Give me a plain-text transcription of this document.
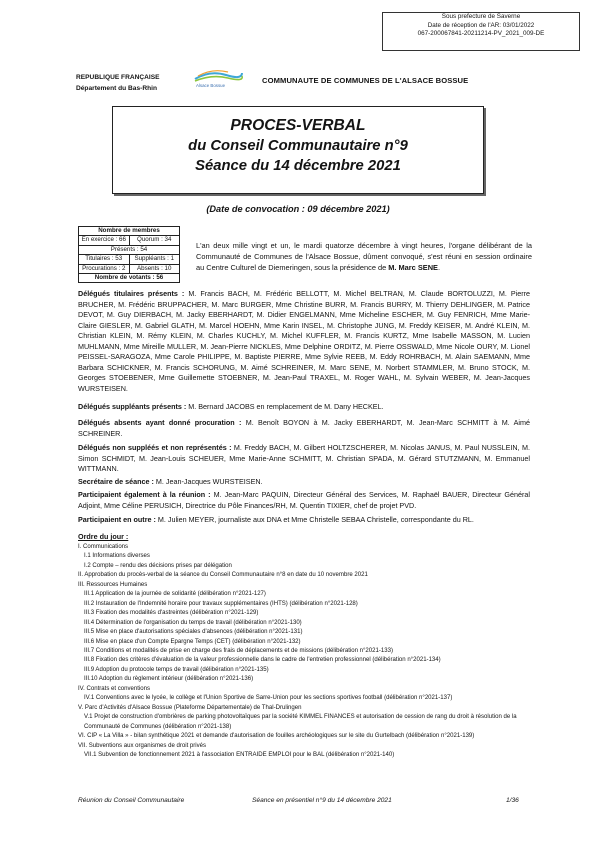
Sous prefecture de Saverne
Date de réception de l'AR: 03/01/2022
067-200067841-20211214-PV_2021_009-DE
REPUBLIQUE FRANÇAISE
Département du Bas-Rhin	Alsace Bossue
COMMUNAUTE DE COMMUNES DE L'ALSACE BOSSUE
PROCES-VERBAL
du Conseil Communautaire n°9
Séance du 14 décembre 2021
(Date de convocation : 09 décembre 2021)
Nombre de membres
En exercice : 66	Quorum : 34
Présents : 54
Titulaires : 53	Suppléants : 1
Procurations : 2	Absents : 10
Nombre de votants : 56
L'an deux mille vingt et un, le mardi quatorze décembre à vingt heures, l'organe délibérant de la Communauté de Communes de l'Alsace Bossue, dûment convoqué, s'est réuni en session ordinaire au Centre Culturel de Diemeringen, sous la présidence de M. Marc SENE.
Délégués titulaires présents : M. Francis BACH, M. Frédéric BELLOTT, M. Michel BELTRAN, M. Claude BORTOLUZZI, M. Pierre BRUCHER, M. Frédéric BRUPPACHER, M. Marc BURGER, Mme Christine BURR, M. Francis BURRY, M. Thierry DEHLINGER, M. Patrice DEVOT, M. Guy DIERBACH, M. Jacky EBERHARDT, M. Didier ENGELMANN, Mme Micheline ESCHER, M. Guy FENRICH, Mme Marie-Claire GIESLER, M. Gabriel GLATH, M. Marcel HOEHN, Mme Karin INSEL, M. Christophe JUNG, M. Freddy KEISER, M. André KLEIN, M. Christian KLEIN, M. Rémy KLEIN, M. Charles KUCHLY, M. Michel KUFFLER, M. Francis KURTZ, Mme Isabelle MASSON, M. Lucien MUHLMANN, Mme Mireille MULLER, M. Jean-Pierre NICKLES, Mme Delphine ORDITZ, M. Pierre OSSWALD, Mme Nicole OURY, M. Lionel PEISSEL-SARAGOZA, Mme Carole PHILIPPE, M. Baptiste PIERRE, Mme Sylvie REEB, M. Eddy ROHRBACH, M. Alain SAEMANN, Mme Barbara SCHICKNER, M. Francis SCHORUNG, M. Aimé SCHREINER, M. Marc SENE, M. Norbert STAMMLER, M. Bruno STOCK, M. Georges STOEBENER, Mme Guillemette STOEBNER, M. Jean-Paul TRAXEL, M. Roger WAHL, M. Sylvain WEBER, M. Jean-Jacques WURSTEISEN.
Délégués suppléants présents : M. Bernard JACOBS en remplacement de M. Dany HECKEL.
Délégués absents ayant donné procuration : M. Benoît BOYON à M. Jacky EBERHARDT, M. Jean-Marc SCHMITT à M. Aimé SCHREINER.
Délégués non suppléés et non représentés : M. Freddy BACH, M. Gilbert HOLTZSCHERER, M. Nicolas JANUS, M. Paul NUSSLEIN, M. Simon SCHMIDT, M. Jean-Louis SCHEUER, Mme Marie-Anne SCHMITT, M. Christian SPADA, M. Gérard STUTZMANN, M. Emmanuel WITTMANN.
Secrétaire de séance : M. Jean-Jacques WURSTEISEN.
Participaient également à la réunion : M. Jean-Marc PAQUIN, Directeur Général des Services, M. Raphaël BAUER, Directeur Général Adjoint, Mme Céline PERUSICH, Directrice du Pôle Finances/RH, M. Quentin TIXIER, chef de projet PVD.
Participaient en outre : M. Julien MEYER, journaliste aux DNA et Mme Christelle SEBAA Christelle, correspondante du RL.
Ordre du jour :
I. Communications
I.1 Informations diverses
I.2 Compte – rendu des décisions prises par délégation
II. Approbation du procès-verbal de la séance du Conseil Communautaire n°8 en date du 10 novembre 2021
III. Ressources Humaines
III.1 Application de la journée de solidarité (délibération n°2021-127)
III.2 Instauration de l'Indemnité horaire pour travaux supplémentaires (IHTS) (délibération n°2021-128)
III.3 Fixation des modalités d'astreintes (délibération n°2021-129)
III.4 Détermination de l'organisation du temps de travail (délibération n°2021-130)
III.5 Mise en place d'autorisations spéciales d'absences (délibération n°2021-131)
III.6 Mise en place d'un Compte Epargne Temps (CET) (délibération n°2021-132)
III.7 Conditions et modalités de prise en charge des frais de déplacements et de missions (délibération n°2021-133)
III.8 Fixation des critères d'évaluation de la valeur professionnelle dans le cadre de l'entretien professionnel (délibération n°2021-134)
III.9 Adoption du protocole temps de travail (délibération n°2021-135)
III.10 Adoption du règlement intérieur (délibération n°2021-136)
IV. Contrats et conventions
IV.1 Conventions avec le lycée, le collège et l'Union Sportive de Sarre-Union pour les sections sportives football (délibération n°2021-137)
V. Parc d'Activités d'Alsace Bossue (Plateforme Départementale) de Thal-Drulingen
V.1 Projet de construction d'ombrières de parking photovoltaïques par la société KIMMEL FINANCES et autorisation de cession de rang du droit à résolution de la Communauté de Communes (délibération n°2021-138)
VI. CIP « La Villa » - bilan synthétique 2021 et demande d'autorisation de fouilles archéologiques sur le site du Gurtelbach (délibération n°2021-139)
VII. Subventions aux organismes de droit privés
VII.1 Subvention de fonctionnement 2021 à l'association ENTRAIDE EMPLOI pour le BAL (délibération n°2021-140)
Réunion du Conseil Communautaire	Séance en présentiel n°9 du 14 décembre 2021	1/36
